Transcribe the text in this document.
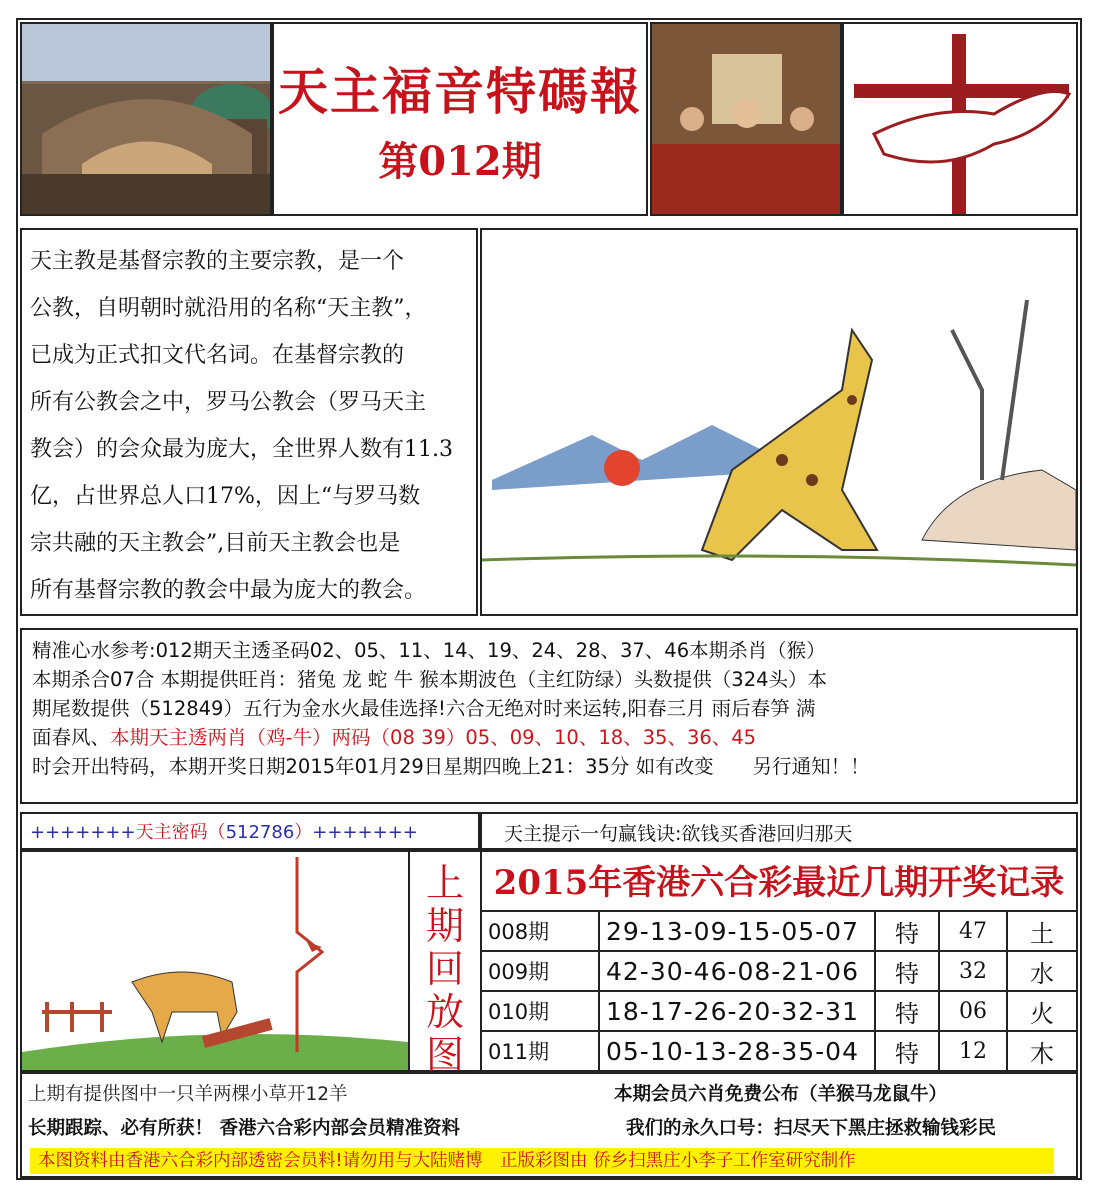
天主福音特碼報
第012期

天主教是基督宗教的主要宗教，是一个

公教，自明朝时就沿用的名称“天主教”，

已成为正式扣文代名词。在基督宗教的

所有公教会之中，罗马公教会（罗马天主

教会）的会众最为庞大，全世界人数有11.3

亿，占世界总人口17%，因上“与罗马数

宗共融的天主教会”,目前天主教会也是

所有基督宗教的教会中最为庞大的教会。

精准心水参考:012期天主透圣码02、05、11、14、19、24、28、37、46本期杀肖（猴）

本期杀合07合 本期提供旺肖：猪兔 龙 蛇 牛 猴本期波色（主红防绿）头数提供（324头）本

期尾数提供（512849）五行为金水火最佳选择!六合无绝对时来运转,阳春三月 雨后春笋 满

面春风、本期天主透两肖（鸡-牛）两码（08 39）05、09、10、18、35、36、45

时会开出特码，本期开奖日期2015年01月29日星期四晚上21：35分 如有改变　　另行通知！！

+++++++天主密码（512786）+++++++	天主提示一句赢钱诀:欲钱买香港回归那天
上
期
回
放
图
2015年香港六合彩最近几期开奖记录
008期	29-13-09-15-05-07	特	47	土
009期	42-30-46-08-21-06	特	32	水
010期	18-17-26-20-32-31	特	06	火
011期	05-10-13-28-35-04	特	12	木
上期有提供图中一只羊两棵小草开12羊	本期会员六肖免费公布（羊猴马龙鼠牛）
长期跟踪、必有所获！ 香港六合彩内部会员精准资料	我们的永久口号：扫尽天下黑庄拯救输钱彩民
本图资料由香港六合彩内部透密会员料!请勿用与大陆赌博　正版彩图由 侨乡扫黑庄小李子工作室研究制作
